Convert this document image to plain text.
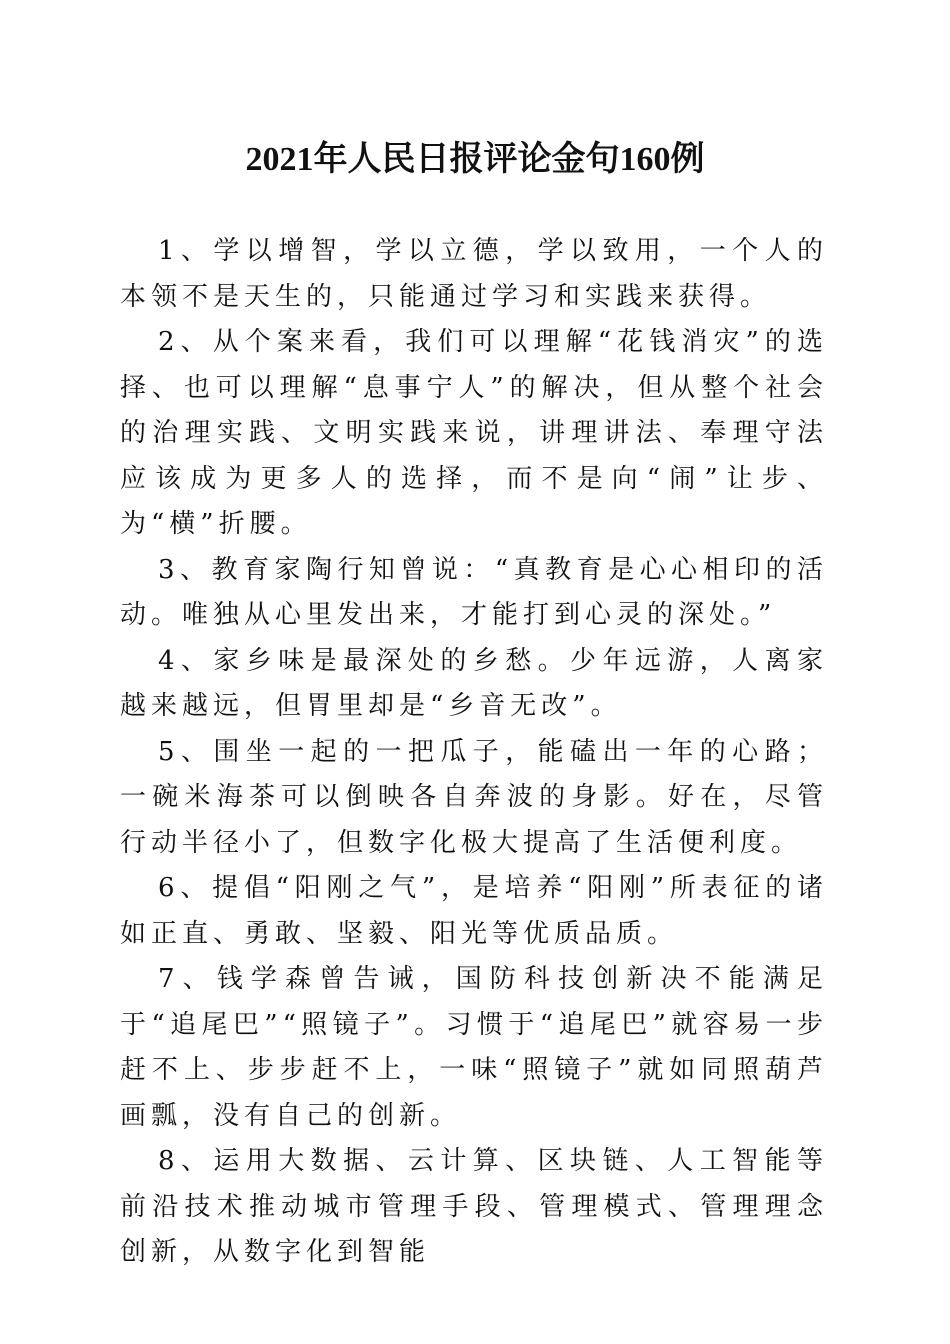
2021年人民日报评论金句160例

1、学以增智，学以立德，学以致用，一个人的本领不是天生的，只能通过学习和实践来获得。

2、从个案来看，我们可以理解“花钱消灾”的选择、也可以理解“息事宁人”的解决，但从整个社会的治理实践、文明实践来说，讲理讲法、奉理守法应该成为更多人的选择，而不是向“闹”让步、为“横”折腰。

3、教育家陶行知曾说：“真教育是心心相印的活动。唯独从心里发出来，才能打到心灵的深处。”

4、家乡味是最深处的乡愁。少年远游，人离家越来越远，但胃里却是“乡音无改”。

5、围坐一起的一把瓜子，能磕出一年的心路；一碗米海茶可以倒映各自奔波的身影。好在，尽管行动半径小了，但数字化极大提高了生活便利度。

6、提倡“阳刚之气”，是培养“阳刚”所表征的诸如正直、勇敢、坚毅、阳光等优质品质。

7、钱学森曾告诫，国防科技创新决不能满足于“追尾巴”“照镜子”。习惯于“追尾巴”就容易一步赶不上、步步赶不上，一味“照镜子”就如同照葫芦画瓢，没有自己的创新。

8、运用大数据、云计算、区块链、人工智能等前沿技术推动城市管理手段、管理模式、管理理念创新，从数字化到智能
